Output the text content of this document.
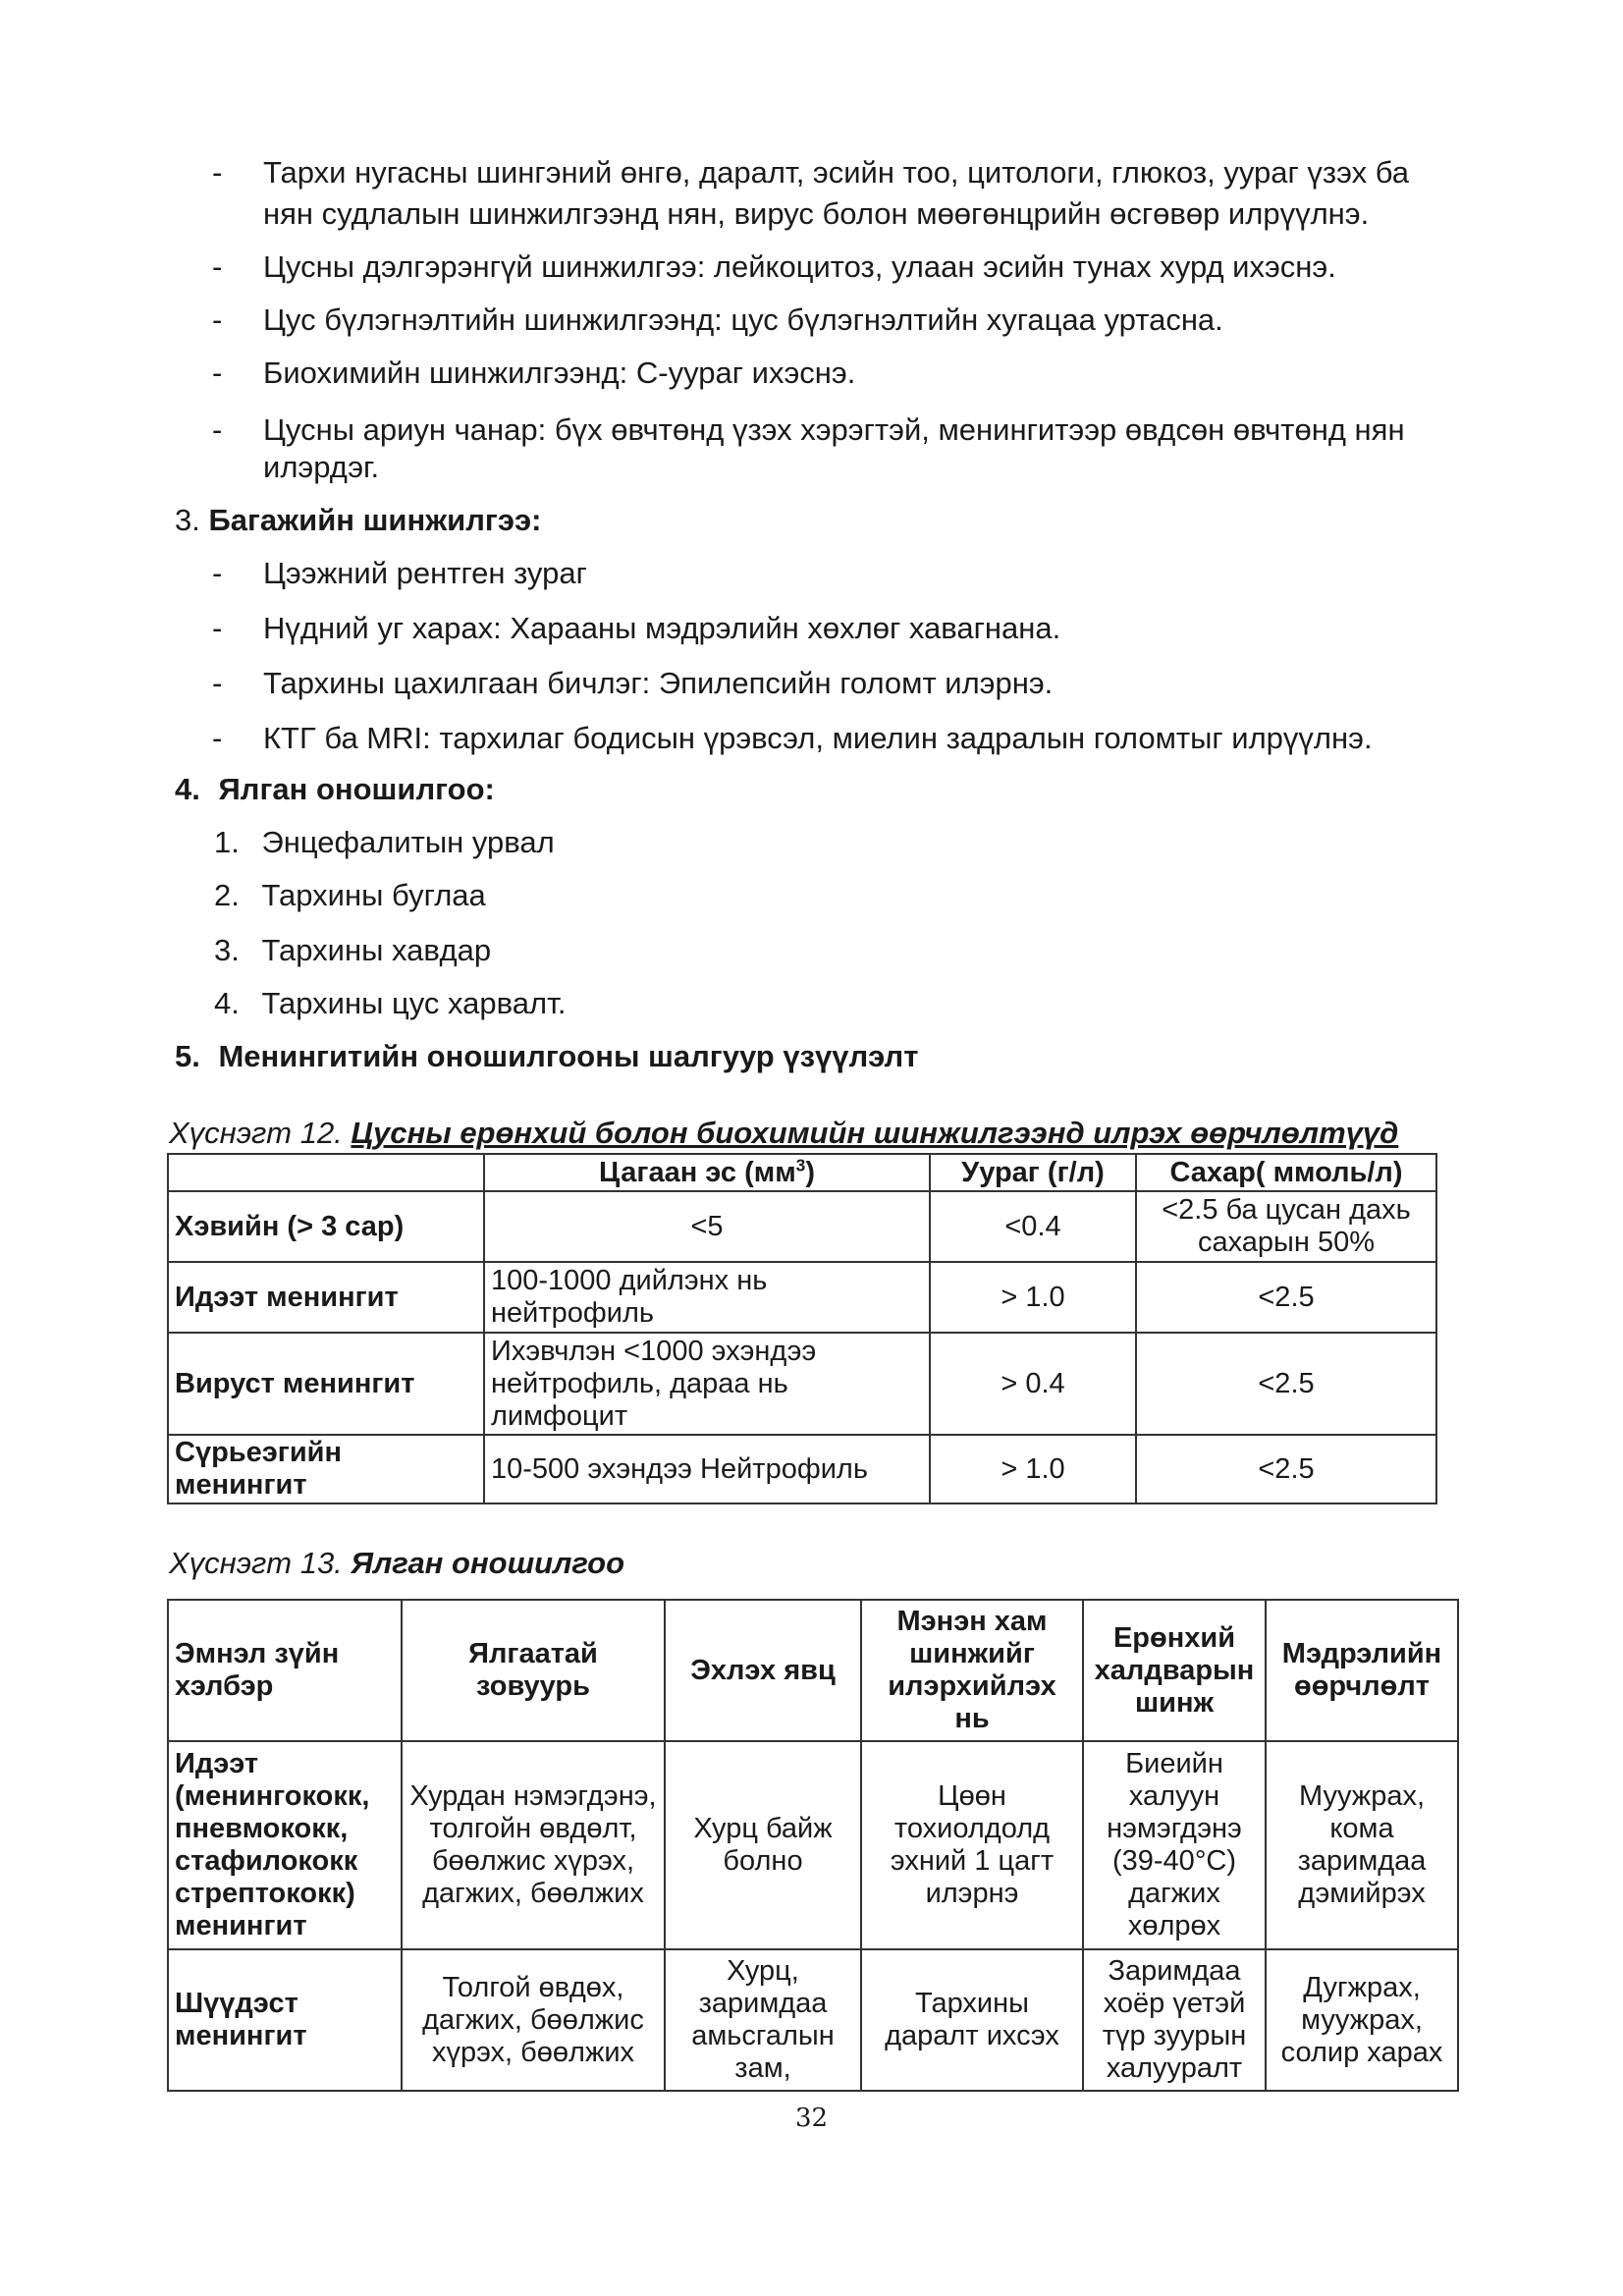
- Тархи нугасны шингэний өнгө, даралт, эсийн тоо, цитологи, глюкоз, уураг үзэх ба
нян судлалын шинжилгээнд нян, вирус болон мөөгөнцрийн өсгөвөр илрүүлнэ.
- Цусны дэлгэрэнгүй шинжилгээ: лейкоцитоз, улаан эсийн тунах хурд ихэснэ.
- Цус бүлэгнэлтийн шинжилгээнд: цус бүлэгнэлтийн хугацаа уртасна.
- Биохимийн шинжилгээнд: С-уураг ихэснэ.
- Цусны ариун чанар: бүх өвчтөнд үзэх хэрэгтэй, менингитээр өвдсөн өвчтөнд нян
илэрдэг.
3. Багажийн шинжилгээ:
- Цээжний рентген зураг
- Нүдний уг харах: Хараaны мэдрэлийн хөхлөг хавагнана.
- Тархины цахилгаан бичлэг: Эпилепсийн голомт илэрнэ.
- КТГ ба MRI: тархилаг бодисын үрэвсэл, миелин задралын голомтыг илрүүлнэ.
4. Ялган оношилгоо:
1. Энцефалитын урвал
2. Тархины буглаа
3. Тархины хавдар
4. Тархины цус харвалт.
5. Менингитийн оношилгооны шалгуур үзүүлэлт
Хүснэгт 12. Цусны ерөнхий болон биохимийн шинжилгээнд илрэх өөрчлөлтүүд
	Цагаан эс $(мм^3)$	Уураг (г/л)	Сахар( ммоль/л)
Хэвийн (> 3 сар)	<5	<0.4	<2.5 ба цусан дахь сахарын 50%
Идээт менингит	100-1000 дийлэнх нь нейтрофиль	> 1.0	<2.5
Вируст менингит	Ихэвчлэн <1000 эхэндээ нейтрофиль, дараа нь лимфоцит	> 0.4	<2.5
Сүрьеэгийн менингит	10-500 эхэндээ Нейтрофиль	> 1.0	<2.5
Хүснэгт 13. Ялган оношилгоо
Эмнэл зүйн хэлбэр	Ялгаатай зовуурь	Эхлэх явц	Мэнэн хам шинжийг илэрхийлэх нь	Ерөнхий халдварын шинж	Мэдрэлийн өөрчлөлт
Идээт (менингококк, пневмококк, стафилококк стрептококк) менингит	Хурдан нэмэгдэнэ, толгойн өвдөлт, бөөлжис хүрэх, дагжих, бөөлжих	Хурц байж болно	Цөөн тохиолдолд эхний 1 цагт илэрнэ	Биеийн халуун нэмэгдэнэ (39-40°C) дагжих хөлрөх	Муужрах, кома заримдаа дэмийрэх
Шүүдэст менингит	Толгой өвдөх, дагжих, бөөлжис хүрэх, бөөлжих	Хурц, заримдаа амьсгалын зам,	Тархины даралт ихсэх	Заримдаа хоёр үетэй түр зуурын халууралт	Дугжрах, муужрах, солир харах
32
